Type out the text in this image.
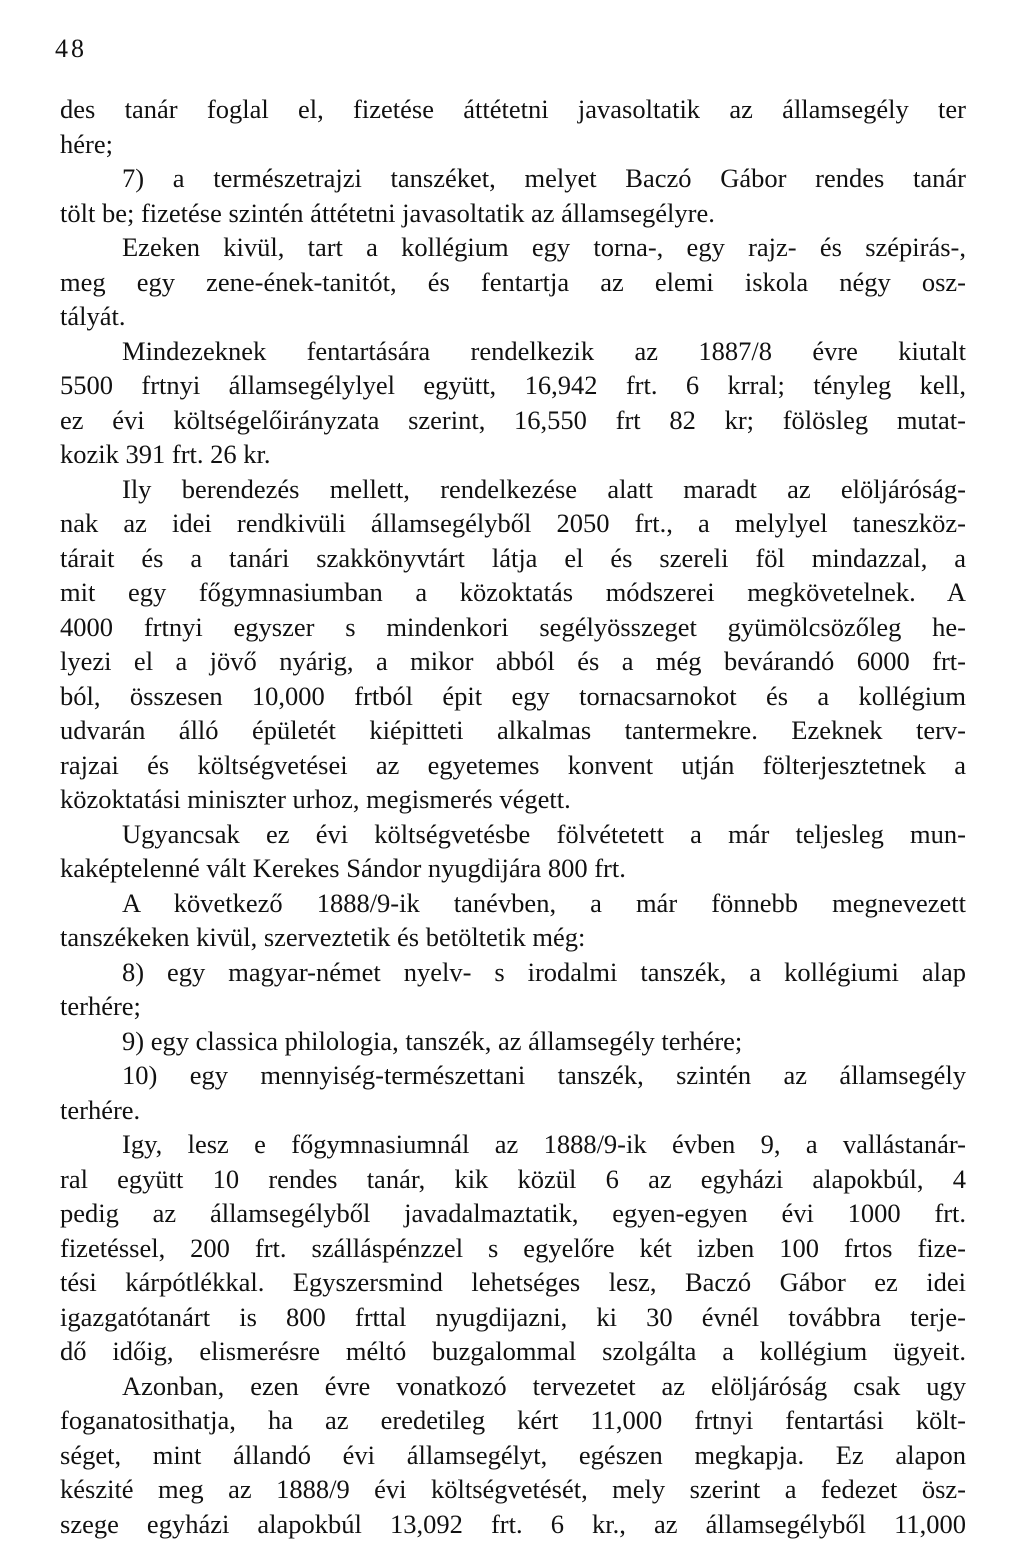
48
des tanár foglal el, fizetése áttétetni javasoltatik az államsegély ter
hére;
7) a természetrajzi tanszéket, melyet Baczó Gábor rendes tanár
tölt be; fizetése szintén áttétetni javasoltatik az államsegélyre.
Ezeken kivül, tart a kollégium egy torna-, egy rajz- és szépirás-,
meg egy zene-ének-tanitót, és fentartja az elemi iskola négy osz-
tályát.
Mindezeknek fentartására rendelkezik az 1887/8 évre kiutalt
5500 frtnyi államsegélylyel együtt, 16,942 frt. 6 krral; tényleg kell,
ez évi költségelőirányzata szerint, 16,550 frt 82 kr; fölösleg mutat-
kozik 391 frt. 26 kr.
Ily berendezés mellett, rendelkezése alatt maradt az elöljáróság-
nak az idei rendkivüli államsegélyből 2050 frt., a melylyel taneszköz-
tárait és a tanári szakkönyvtárt látja el és szereli föl mindazzal, a
mit egy főgymnasiumban a közoktatás módszerei megkövetelnek. A
4000 frtnyi egyszer s mindenkori segélyösszeget gyümölcsözőleg he-
lyezi el a jövő nyárig, a mikor abból és a még bevárandó 6000 frt-
ból, összesen 10,000 frtból épit egy tornacsarnokot és a kollégium
udvarán álló épületét kiépitteti alkalmas tantermekre. Ezeknek terv-
rajzai és költségvetései az egyetemes konvent utján fölterjesztetnek a
közoktatási miniszter urhoz, megismerés végett.
Ugyancsak ez évi költségvetésbe fölvétetett a már teljesleg mun-
kaképtelenné vált Kerekes Sándor nyugdijára 800 frt.
A következő 1888/9-ik tanévben, a már fönnebb megnevezett
tanszékeken kivül, szerveztetik és betöltetik még:
8) egy magyar-német nyelv- s irodalmi tanszék, a kollégiumi alap
terhére;
9) egy classica philologia, tanszék, az államsegély terhére;
10) egy mennyiség-természettani tanszék, szintén az államsegély
terhére.
Igy, lesz e főgymnasiumnál az 1888/9-ik évben 9, a vallástanár-
ral együtt 10 rendes tanár, kik közül 6 az egyházi alapokbúl, 4
pedig az államsegélyből javadalmaztatik, egyen-egyen évi 1000 frt.
fizetéssel, 200 frt. szálláspénzzel s egyelőre két izben 100 frtos fize-
tési kárpótlékkal. Egyszersmind lehetséges lesz, Baczó Gábor ez idei
igazgatótanárt is 800 frttal nyugdijazni, ki 30 évnél továbbra terje-
dő időig, elismerésre méltó buzgalommal szolgálta a kollégium ügyeit.
Azonban, ezen évre vonatkozó tervezetet az elöljáróság csak ugy
foganatosithatja, ha az eredetileg kért 11,000 frtnyi fentartási költ-
séget, mint állandó évi államsegélyt, egészen megkapja. Ez alapon
készité meg az 1888/9 évi költségvetését, mely szerint a fedezet ösz-
szege egyházi alapokbúl 13,092 frt. 6 kr., az államsegélyből 11,000
